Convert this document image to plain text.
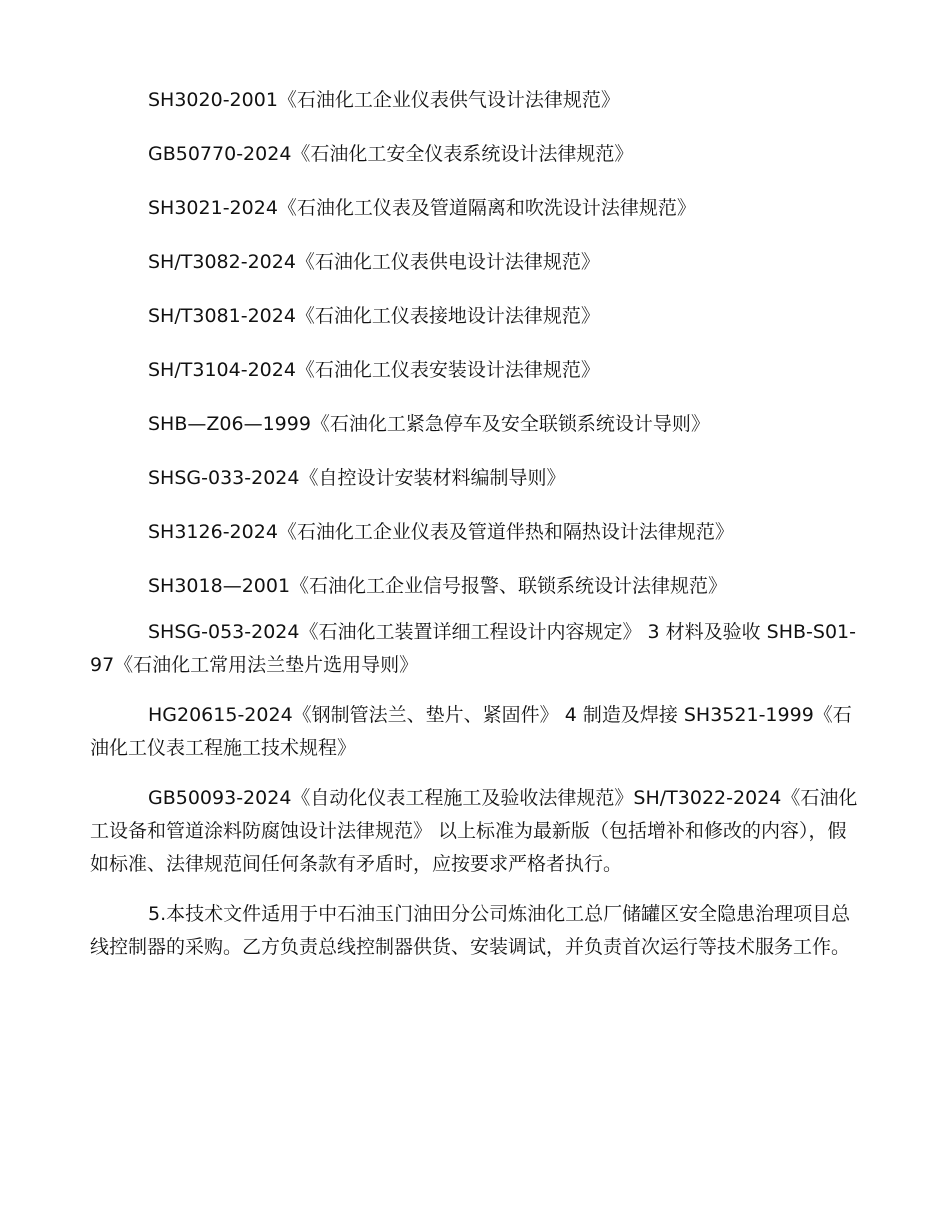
SH3020-2001《石油化工企业仪表供气设计法律规范》
GB50770-2024《石油化工安全仪表系统设计法律规范》
SH3021-2024《石油化工仪表及管道隔离和吹洗设计法律规范》
SH/T3082-2024《石油化工仪表供电设计法律规范》
SH/T3081-2024《石油化工仪表接地设计法律规范》
SH/T3104-2024《石油化工仪表安装设计法律规范》
SHB—Z06—1999《石油化工紧急停车及安全联锁系统设计导则》
SHSG-033-2024《自控设计安装材料编制导则》
SH3126-2024《石油化工企业仪表及管道伴热和隔热设计法律规范》
SH3018—2001《石油化工企业信号报警、联锁系统设计法律规范》

SHSG-053-2024《石油化工装置详细工程设计内容规定》 3 材料及验收 SHB-S01-97《石油化工常用法兰垫片选用导则》

HG20615-2024《钢制管法兰、垫片、紧固件》 4 制造及焊接 SH3521-1999《石油化工仪表工程施工技术规程》

GB50093-2024《自动化仪表工程施工及验收法律规范》SH/T3022-2024《石油化工设备和管道涂料防腐蚀设计法律规范》 以上标准为最新版（包括增补和修改的内容），假如标准、法律规范间任何条款有矛盾时，应按要求严格者执行。

5.本技术文件适用于中石油玉门油田分公司炼油化工总厂储罐区安全隐患治理项目总线控制器的采购。乙方负责总线控制器供货、安装调试，并负责首次运行等技术服务工作。
